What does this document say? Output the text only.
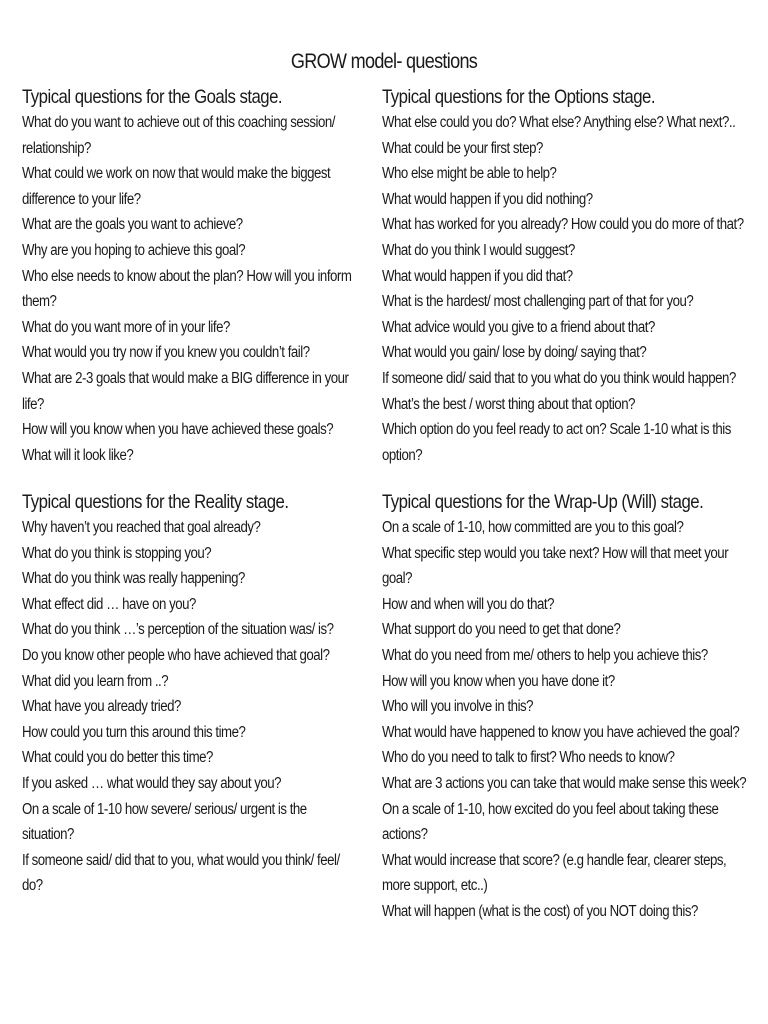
GROW model- questions
Typical questions for the Goals stage.
What do you want to achieve out of this coaching session/ relationship?
What could we work on now that would make the biggest difference to your life?
What are the goals you want to achieve?
Why are you hoping to achieve this goal?
Who else needs to know about the plan? How will you inform them?
What do you want more of in your life?
What would you try now if you knew you couldn’t fail?
What are 2-3 goals that would make a BIG difference in your life?
How will you know when you have achieved these goals?
What will it look like?
Typical questions for the Options stage.
What else could you do? What else? Anything else? What next?..
What could be your first step?
Who else might be able to help?
What would happen if you did nothing?
What has worked for you already? How could you do more of that?
What do you think I would suggest?
What would happen if you did that?
What is the hardest/ most challenging part of that for you?
What advice would you give to a friend about that?
What would you gain/ lose by doing/ saying that?
If someone did/ said that to you what do you think would happen?
What’s the best / worst thing about that option?
Which option do you feel ready to act on? Scale 1-10 what is this option?
Typical questions for the Reality stage.
Why haven’t you reached that goal already?
What do you think is stopping you?
What do you think was really happening?
What effect did … have on you?
What do you think …’s perception of the situation was/ is?
Do you know other people who have achieved that goal?
What did you learn from ..?
What have you already tried?
How could you turn this around this time?
What could you do better this time?
If you asked … what would they say about you?
On a scale of 1-10 how severe/ serious/ urgent is the situation?
If someone said/ did that to you, what would you think/ feel/ do?
Typical questions for the Wrap-Up (Will) stage.
On a scale of 1-10, how committed are you to this goal?
What specific step would you take next? How will that meet your goal?
How and when will you do that?
What support do you need to get that done?
What do you need from me/ others to help you achieve this?
How will you know when you have done it?
Who will you involve in this?
What would have happened to know you have achieved the goal?
Who do you need to talk to first? Who needs to know?
What are 3 actions you can take that would make sense this week?
On a scale of 1-10, how excited do you feel about taking these actions?
What would increase that score? (e.g handle fear, clearer steps, more support, etc..)
What will happen (what is the cost) of you NOT doing this?
